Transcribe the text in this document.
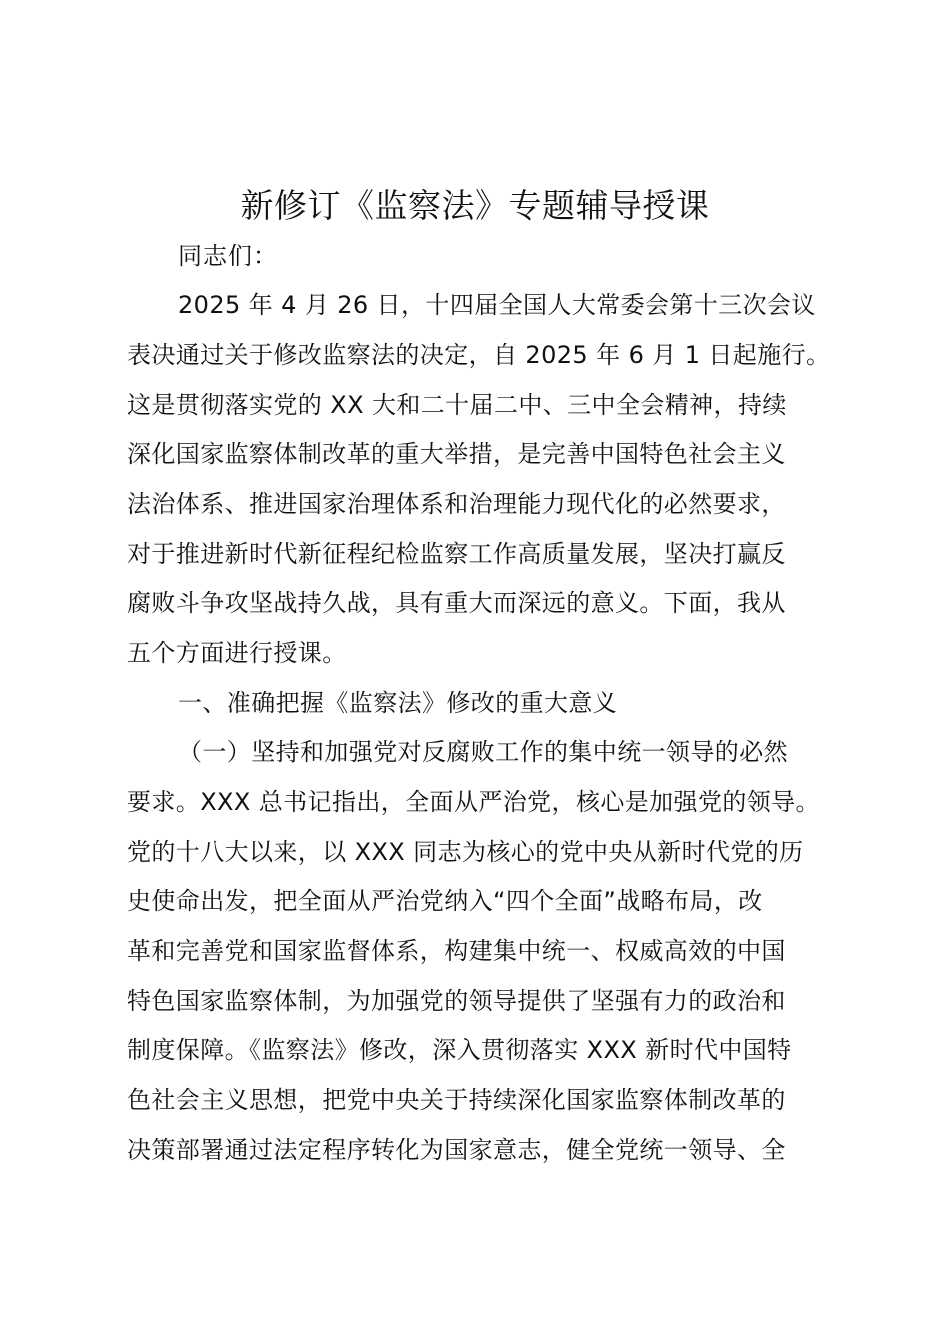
新修订《监察法》专题辅导授课

同志们：

2025 年 4 月 26 日，十四届全国人大常委会第十三次会议

表决通过关于修改监察法的决定，自 2025 年 6 月 1 日起施行。

这是贯彻落实党的 XX 大和二十届二中、三中全会精神，持续

深化国家监察体制改革的重大举措，是完善中国特色社会主义

法治体系、推进国家治理体系和治理能力现代化的必然要求，

对于推进新时代新征程纪检监察工作高质量发展，坚决打赢反

腐败斗争攻坚战持久战，具有重大而深远的意义。下面，我从

五个方面进行授课。

一、准确把握《监察法》修改的重大意义

（一）坚持和加强党对反腐败工作的集中统一领导的必然

要求。XXX 总书记指出，全面从严治党，核心是加强党的领导。

党的十八大以来，以 XXX 同志为核心的党中央从新时代党的历

史使命出发，把全面从严治党纳入“四个全面”战略布局，改

革和完善党和国家监督体系，构建集中统一、权威高效的中国

特色国家监察体制，为加强党的领导提供了坚强有力的政治和

制度保障。《监察法》修改，深入贯彻落实 XXX 新时代中国特

色社会主义思想，把党中央关于持续深化国家监察体制改革的

决策部署通过法定程序转化为国家意志，健全党统一领导、全
